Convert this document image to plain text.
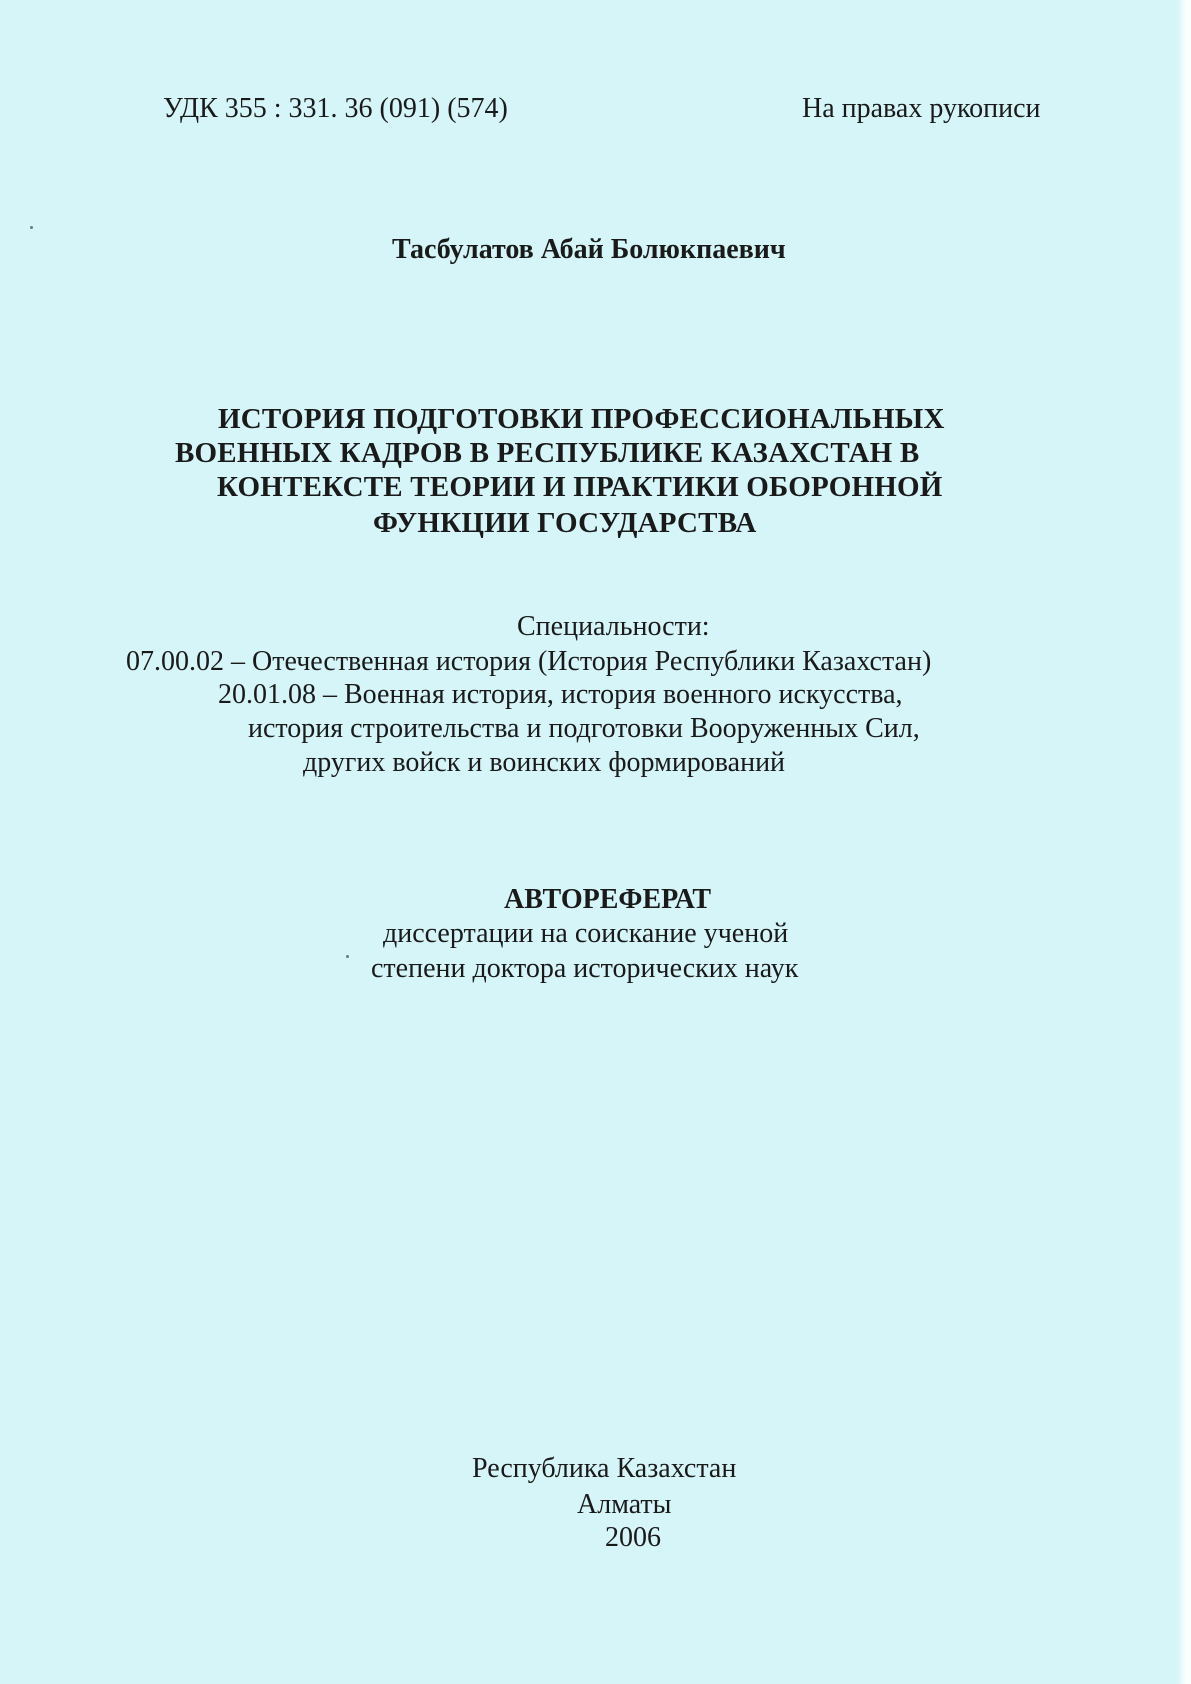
УДК 355 : 331. 36 (091) (574)	На правах рукописи
Тасбулатов Абай Болюкпаевич
ИСТОРИЯ ПОДГОТОВКИ ПРОФЕССИОНАЛЬНЫХ
ВОЕННЫХ КАДРОВ В РЕСПУБЛИКЕ КАЗАХСТАН В
КОНТЕКСТЕ ТЕОРИИ И ПРАКТИКИ ОБОРОННОЙ
ФУНКЦИИ ГОСУДАРСТВА
Специальности:
07.00.02 – Отечественная история (История Республики Казахстан)
20.01.08 – Военная история, история военного искусства,
история строительства и подготовки Вооруженных Сил,
других войск и воинских формирований
АВТОРЕФЕРАТ
диссертации на соискание ученой
степени доктора исторических наук
Республика Казахстан
Алматы
2006
